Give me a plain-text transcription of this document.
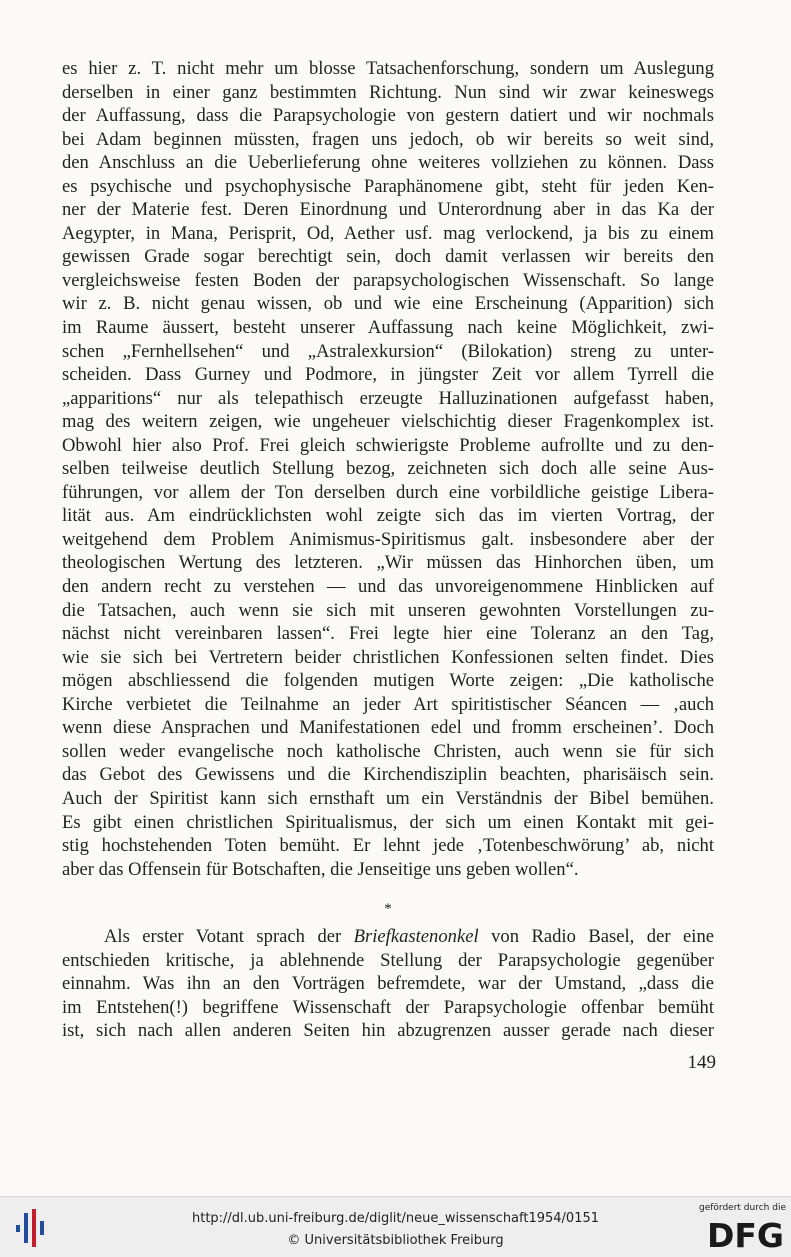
es hier z. T. nicht mehr um blosse Tatsachenforschung, sondern um Auslegung
derselben in einer ganz bestimmten Richtung. Nun sind wir zwar keineswegs
der Auffassung, dass die Parapsychologie von gestern datiert und wir nochmals
bei Adam beginnen müssten, fragen uns jedoch, ob wir bereits so weit sind,
den Anschluss an die Ueberlieferung ohne weiteres vollziehen zu können. Dass
es psychische und psychophysische Paraphänomene gibt, steht für jeden Ken-
ner der Materie fest. Deren Einordnung und Unterordnung aber in das Ka der
Aegypter, in Mana, Perisprit, Od, Aether usf. mag verlockend, ja bis zu einem
gewissen Grade sogar berechtigt sein, doch damit verlassen wir bereits den
vergleichsweise festen Boden der parapsychologischen Wissenschaft. So lange
wir z. B. nicht genau wissen, ob und wie eine Erscheinung (Apparition) sich
im Raume äussert, besteht unserer Auffassung nach keine Möglichkeit, zwi-
schen „Fernhellsehen“ und „Astralexkursion“ (Bilokation) streng zu unter-
scheiden. Dass Gurney und Podmore, in jüngster Zeit vor allem Tyrrell die
„apparitions“ nur als telepathisch erzeugte Halluzinationen aufgefasst haben,
mag des weitern zeigen, wie ungeheuer vielschichtig dieser Fragenkomplex ist.
Obwohl hier also Prof. Frei gleich schwierigste Probleme aufrollte und zu den-
selben teilweise deutlich Stellung bezog, zeichneten sich doch alle seine Aus-
führungen, vor allem der Ton derselben durch eine vorbildliche geistige Libera-
lität aus. Am eindrücklichsten wohl zeigte sich das im vierten Vortrag, der
weitgehend dem Problem Animismus-Spiritismus galt. insbesondere aber der
theologischen Wertung des letzteren. „Wir müssen das Hinhorchen üben, um
den andern recht zu verstehen — und das unvoreigenommene Hinblicken auf
die Tatsachen, auch wenn sie sich mit unseren gewohnten Vorstellungen zu-
nächst nicht vereinbaren lassen“. Frei legte hier eine Toleranz an den Tag,
wie sie sich bei Vertretern beider christlichen Konfessionen selten findet. Dies
mögen abschliessend die folgenden mutigen Worte zeigen: „Die katholische
Kirche verbietet die Teilnahme an jeder Art spiritistischer Séancen — ‚auch
wenn diese Ansprachen und Manifestationen edel und fromm erscheinen’. Doch
sollen weder evangelische noch katholische Christen, auch wenn sie für sich
das Gebot des Gewissens und die Kirchendisziplin beachten, pharisäisch sein.
Auch der Spiritist kann sich ernsthaft um ein Verständnis der Bibel bemühen.
Es gibt einen christlichen Spiritualismus, der sich um einen Kontakt mit gei-
stig hochstehenden Toten bemüht. Er lehnt jede ‚Totenbeschwörung’ ab, nicht
aber das Offensein für Botschaften, die Jenseitige uns geben wollen“.
*
Als erster Votant sprach der Briefkastenonkel von Radio Basel, der eine
entschieden kritische, ja ablehnende Stellung der Parapsychologie gegenüber
einnahm. Was ihn an den Vorträgen befremdete, war der Umstand, „dass die
im Entstehen(!) begriffene Wissenschaft der Parapsychologie offenbar bemüht
ist, sich nach allen anderen Seiten hin abzugrenzen ausser gerade nach dieser
149
http://dl.ub.uni-freiburg.de/diglit/neue_wissenschaft1954/0151
© Universitätsbibliothek Freiburg
gefördert durch die
DFG
